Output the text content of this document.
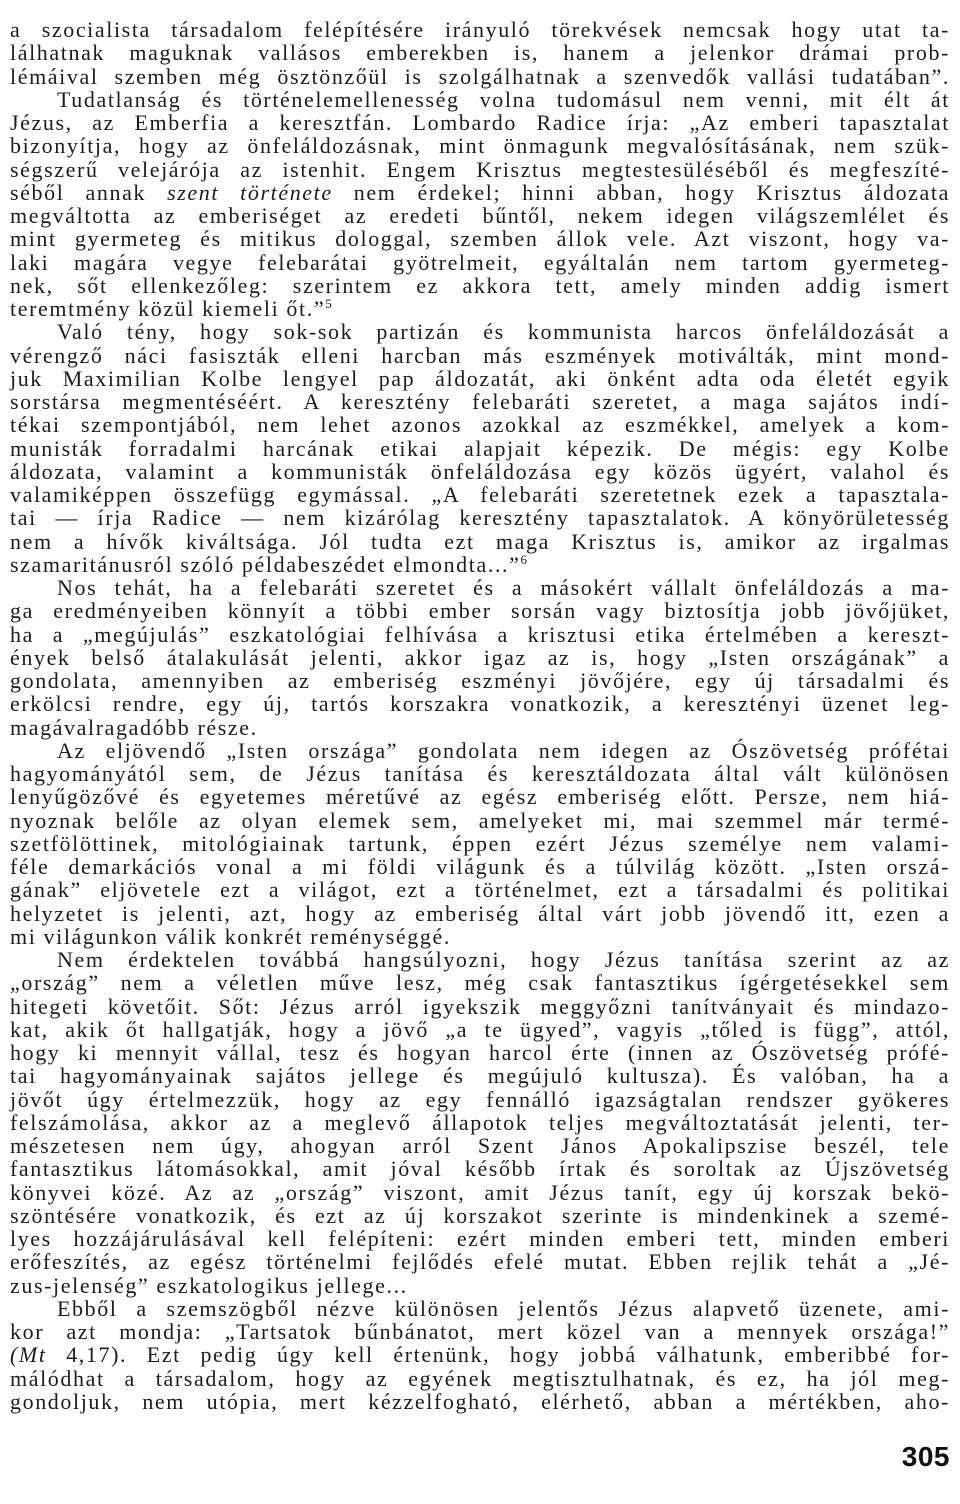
a szocialista társadalom felépítésére irányuló törekvések nemcsak hogy utat ta-
lálhatnak maguknak vallásos emberekben is, hanem a jelenkor drámai prob-
lémáival szemben még ösztönzőül is szolgálhatnak a szenvedők vallási tudatában”.
Tudatlanság és történelemellenesség volna tudomásul nem venni, mit élt át
Jézus, az Emberfia a keresztfán. Lombardo Radice írja: „Az emberi tapasztalat
bizonyítja, hogy az önfeláldozásnak, mint önmagunk megvalósításának, nem szük-
ségszerű velejárója az istenhit. Engem Krisztus megtestesüléséből és megfeszíté-
séből annak szent története nem érdekel; hinni abban, hogy Krisztus áldozata
megváltotta az emberiséget az eredeti bűntől, nekem idegen világszemlélet és
mint gyermeteg és mitikus dologgal, szemben állok vele. Azt viszont, hogy va-
laki magára vegye felebarátai gyötrelmeit, egyáltalán nem tartom gyermeteg-
nek, sőt ellenkezőleg: szerintem ez akkora tett, amely minden addig ismert
teremtmény közül kiemeli őt.”$^5$
Való tény, hogy sok-sok partizán és kommunista harcos önfeláldozását a
vérengző náci fasiszták elleni harcban más eszmények motiválták, mint mond-
juk Maximilian Kolbe lengyel pap áldozatát, aki önként adta oda életét egyik
sorstársa megmentéséért. A keresztény felebaráti szeretet, a maga sajátos indí-
tékai szempontjából, nem lehet azonos azokkal az eszmékkel, amelyek a kom-
munisták forradalmi harcának etikai alapjait képezik. De mégis: egy Kolbe
áldozata, valamint a kommunisták önfeláldozása egy közös ügyért, valahol és
valamiképpen összefügg egymással. „A felebaráti szeretetnek ezek a tapasztala-
tai — írja Radice — nem kizárólag keresztény tapasztalatok. A könyörületesség
nem a hívők kiváltsága. Jól tudta ezt maga Krisztus is, amikor az irgalmas
szamaritánusról szóló példabeszédet elmondta...”$^6$
Nos tehát, ha a felebaráti szeretet és a másokért vállalt önfeláldozás a ma-
ga eredményeiben könnyít a többi ember sorsán vagy biztosítja jobb jövőjüket,
ha a „megújulás” eszkatológiai felhívása a krisztusi etika értelmében a kereszt-
ények belső átalakulását jelenti, akkor igaz az is, hogy „Isten országának” a
gondolata, amennyiben az emberiség eszményi jövőjére, egy új társadalmi és
erkölcsi rendre, egy új, tartós korszakra vonatkozik, a keresztényi üzenet leg-
magávalragadóbb része.
Az eljövendő „Isten országa” gondolata nem idegen az Ószövetség prófétai
hagyományától sem, de Jézus tanítása és keresztáldozata által vált különösen
lenyűgözővé és egyetemes méretűvé az egész emberiség előtt. Persze, nem hiá-
nyoznak belőle az olyan elemek sem, amelyeket mi, mai szemmel már termé-
szetfölöttinek, mitológiainak tartunk, éppen ezért Jézus személye nem valami-
féle demarkációs vonal a mi földi világunk és a túlvilág között. „Isten orszá-
gának” eljövetele ezt a világot, ezt a történelmet, ezt a társadalmi és politikai
helyzetet is jelenti, azt, hogy az emberiség által várt jobb jövendő itt, ezen a
mi világunkon válik konkrét reménységgé.
Nem érdektelen továbbá hangsúlyozni, hogy Jézus tanítása szerint az az
„ország” nem a véletlen műve lesz, még csak fantasztikus ígérgetésekkel sem
hitegeti követőit. Sőt: Jézus arról igyekszik meggyőzni tanítványait és mindazo-
kat, akik őt hallgatják, hogy a jövő „a te ügyed”, vagyis „tőled is függ”, attól,
hogy ki mennyit vállal, tesz és hogyan harcol érte (innen az Ószövetség prófé-
tai hagyományainak sajátos jellege és megújuló kultusza). És valóban, ha a
jövőt úgy értelmezzük, hogy az egy fennálló igazságtalan rendszer gyökeres
felszámolása, akkor az a meglevő állapotok teljes megváltoztatását jelenti, ter-
mészetesen nem úgy, ahogyan arról Szent János Apokalipszise beszél, tele
fantasztikus látomásokkal, amit jóval később írtak és soroltak az Újszövetség
könyvei közé. Az az „ország” viszont, amit Jézus tanít, egy új korszak bekö-
szöntésére vonatkozik, és ezt az új korszakot szerinte is mindenkinek a szemé-
lyes hozzájárulásával kell felépíteni: ezért minden emberi tett, minden emberi
erőfeszítés, az egész történelmi fejlődés efelé mutat. Ebben rejlik tehát a „Jé-
zus-jelenség” eszkatologikus jellege...
Ebből a szemszögből nézve különösen jelentős Jézus alapvető üzenete, ami-
kor azt mondja: „Tartsatok bűnbánatot, mert közel van a mennyek országa!”
(Mt 4,17). Ezt pedig úgy kell értenünk, hogy jobbá válhatunk, emberibbé for-
málódhat a társadalom, hogy az egyének megtisztulhatnak, és ez, ha jól meg-
gondoljuk, nem utópia, mert kézzelfogható, elérhető, abban a mértékben, aho-
305
